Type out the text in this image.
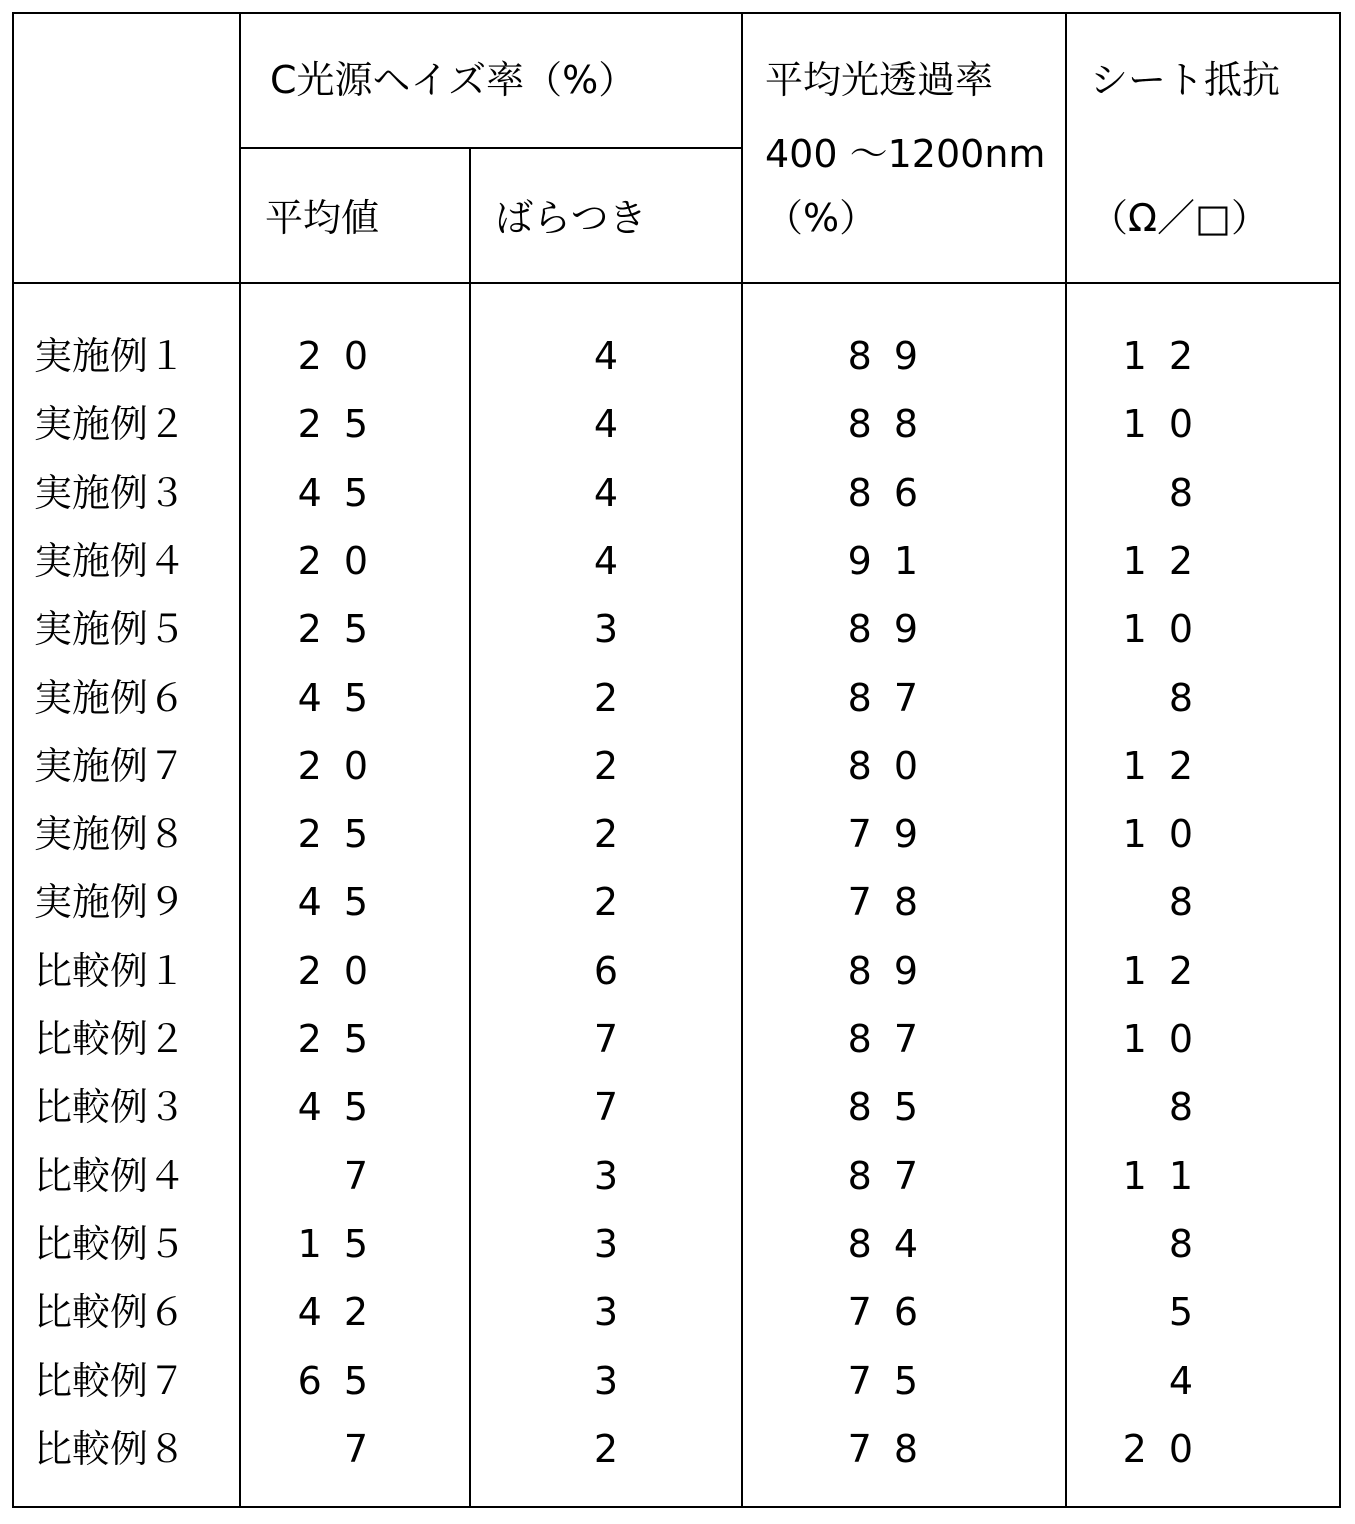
C光源ヘイズ率（%）
平均値	ばらつき
平均光透過率
400 ～1200nm
（%）
シート抵抗
（Ω／□）
実施例１	20	4	89	12
実施例２	25	4	88	10
実施例３	45	4	86	8
実施例４	20	4	91	12
実施例５	25	3	89	10
実施例６	45	2	87	8
実施例７	20	2	80	12
実施例８	25	2	79	10
実施例９	45	2	78	8
比較例１	20	6	89	12
比較例２	25	7	87	10
比較例３	45	7	85	8
比較例４	7	3	87	11
比較例５	15	3	84	8
比較例６	42	3	76	5
比較例７	65	3	75	4
比較例８	7	2	78	20
